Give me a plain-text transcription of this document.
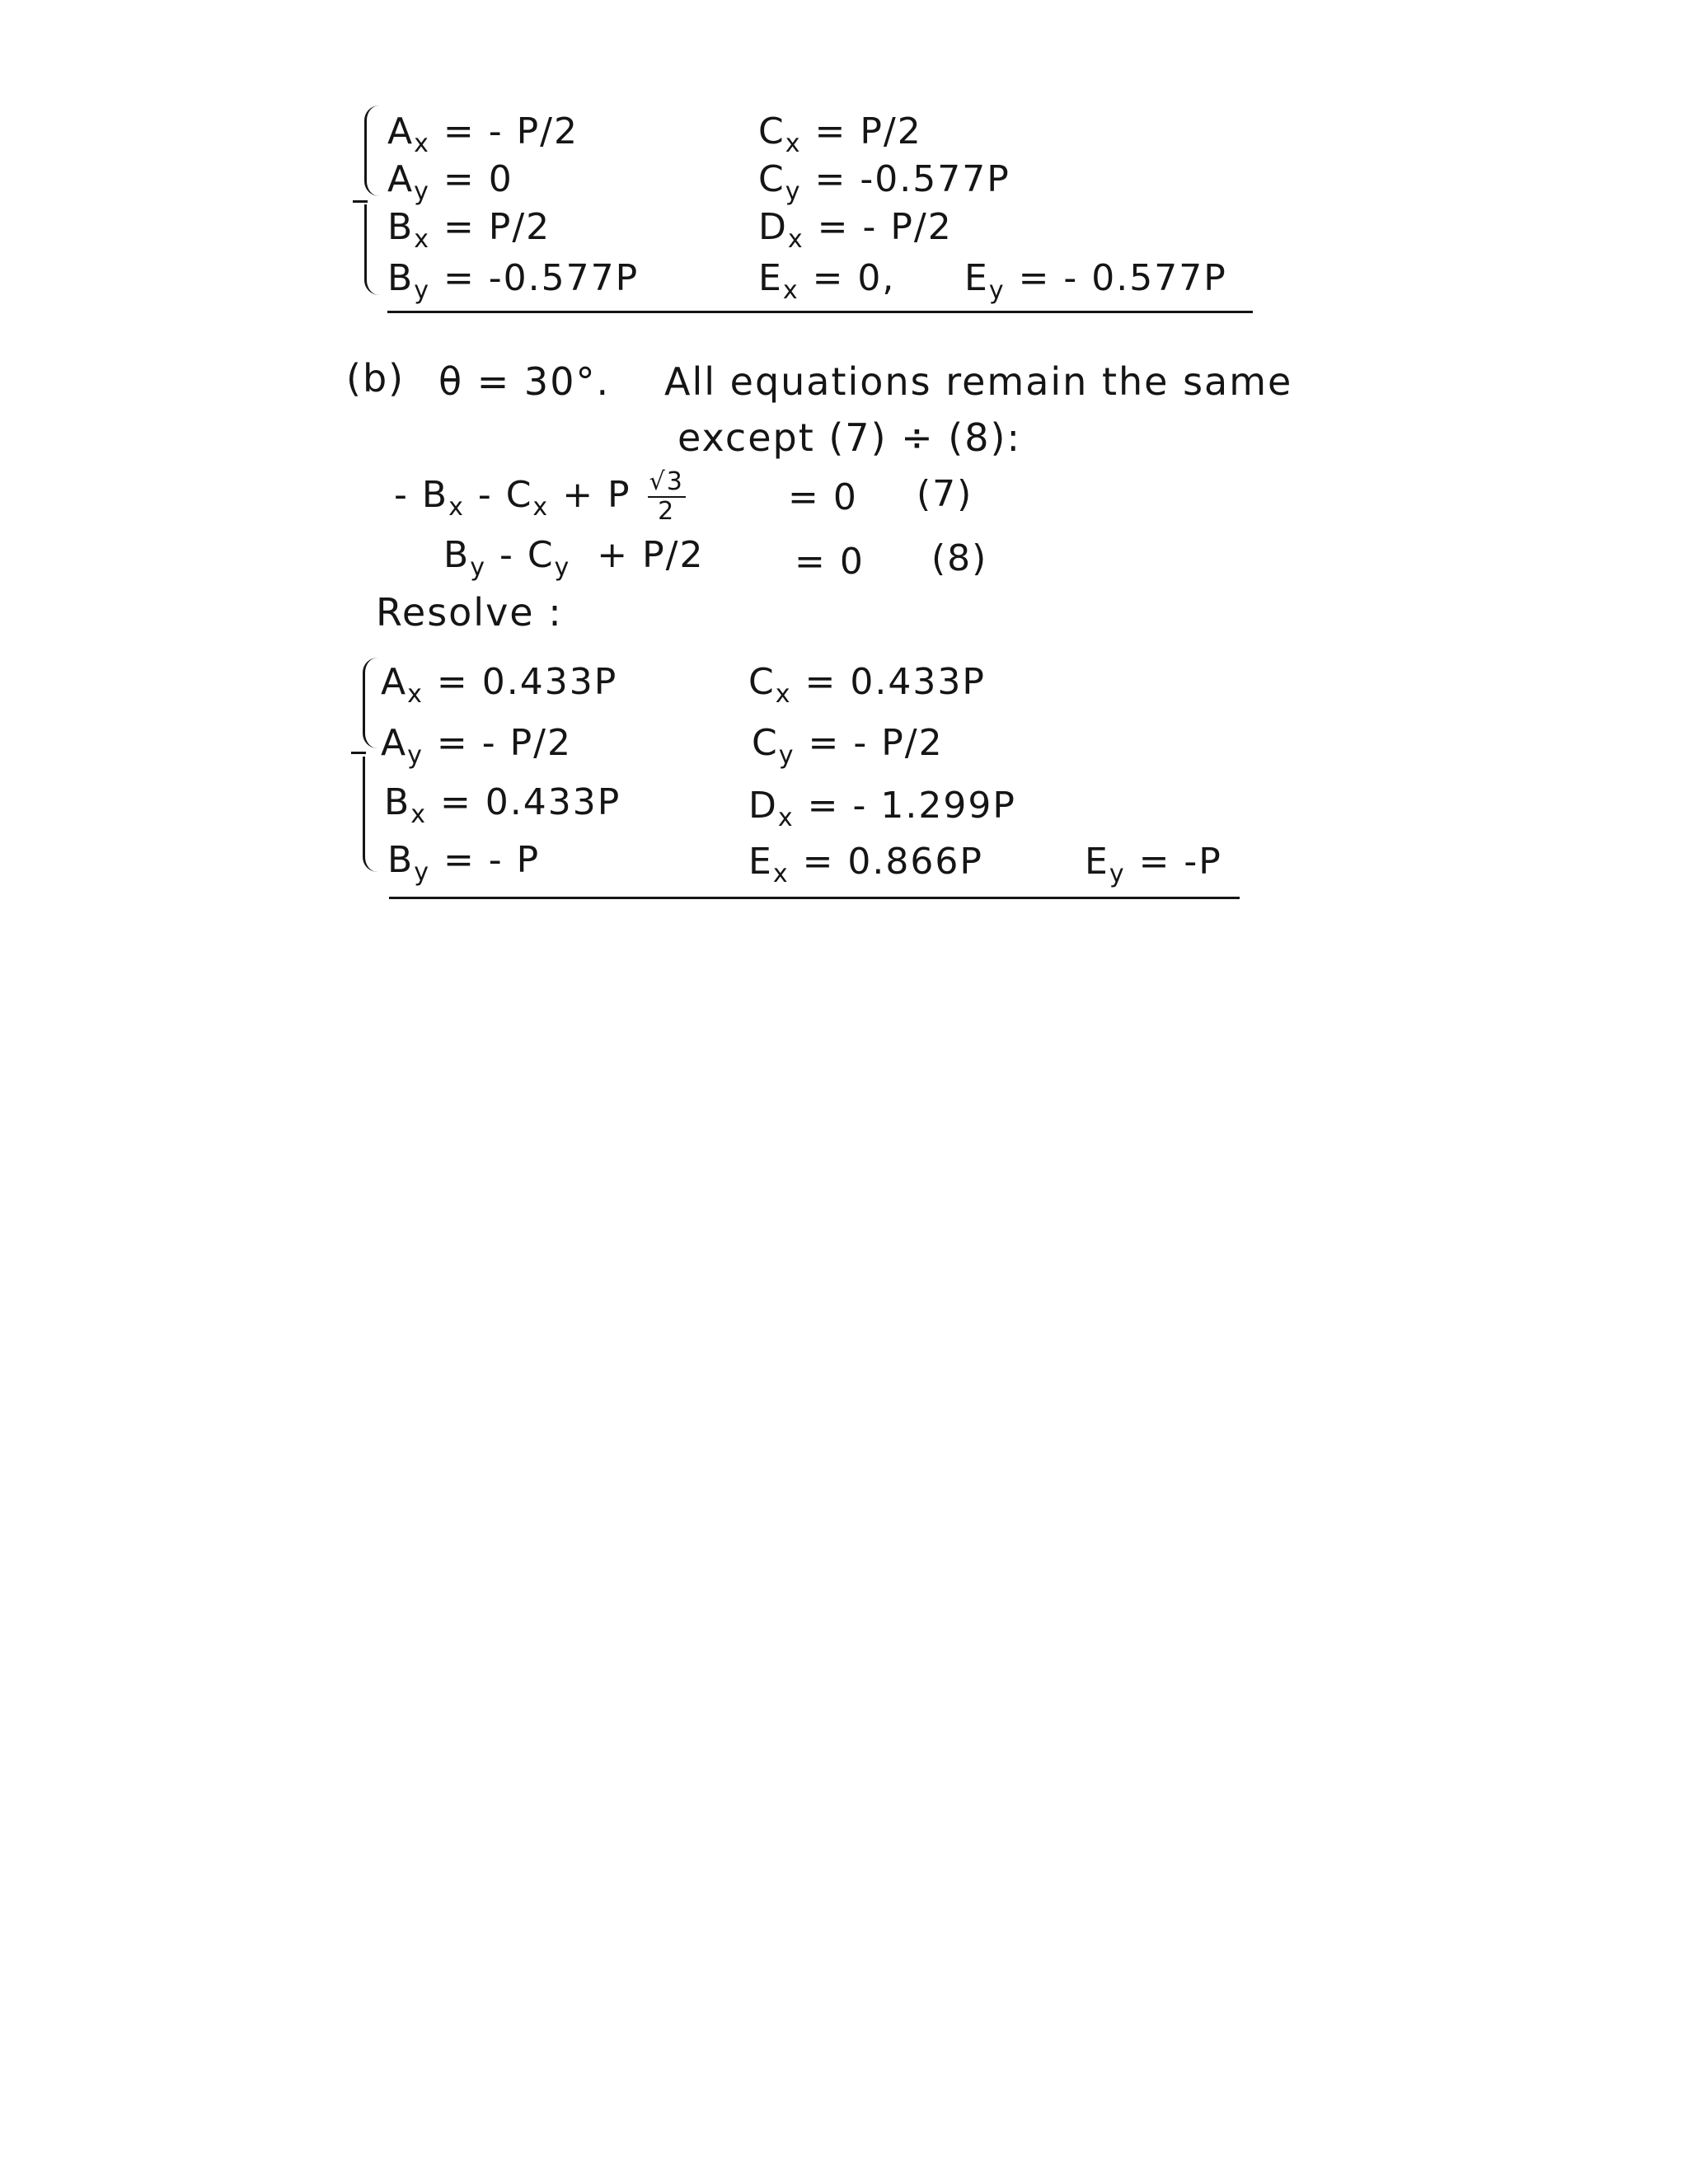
$A_x$ = - P/2
$A_y = 0$
$B_x = P/2$
$B_y = -0.577P$
$C_x = P/2$
$C_y = -0.577P$
$D_x$ = - P/2
$E_x = 0$, $E_y$ = - 0.577P
(b) θ = 30°. All equations remain the same
except (7) ÷ (8):
- $B_x - C_x + P \frac{√3}{2}$	= 0 (7)
$B_y - C_y + P/2 = 0$ (8)
Resolve :
$A_x = 0.433P$
$A_y$ = - P/2
$B_x = 0.433P$
$B_y$ = - P
$C_x = 0.433P$
$C_y$ = - P/2
$D_x$ = - 1.299P
$E_x = 0.866P$	$E_y = -P$
